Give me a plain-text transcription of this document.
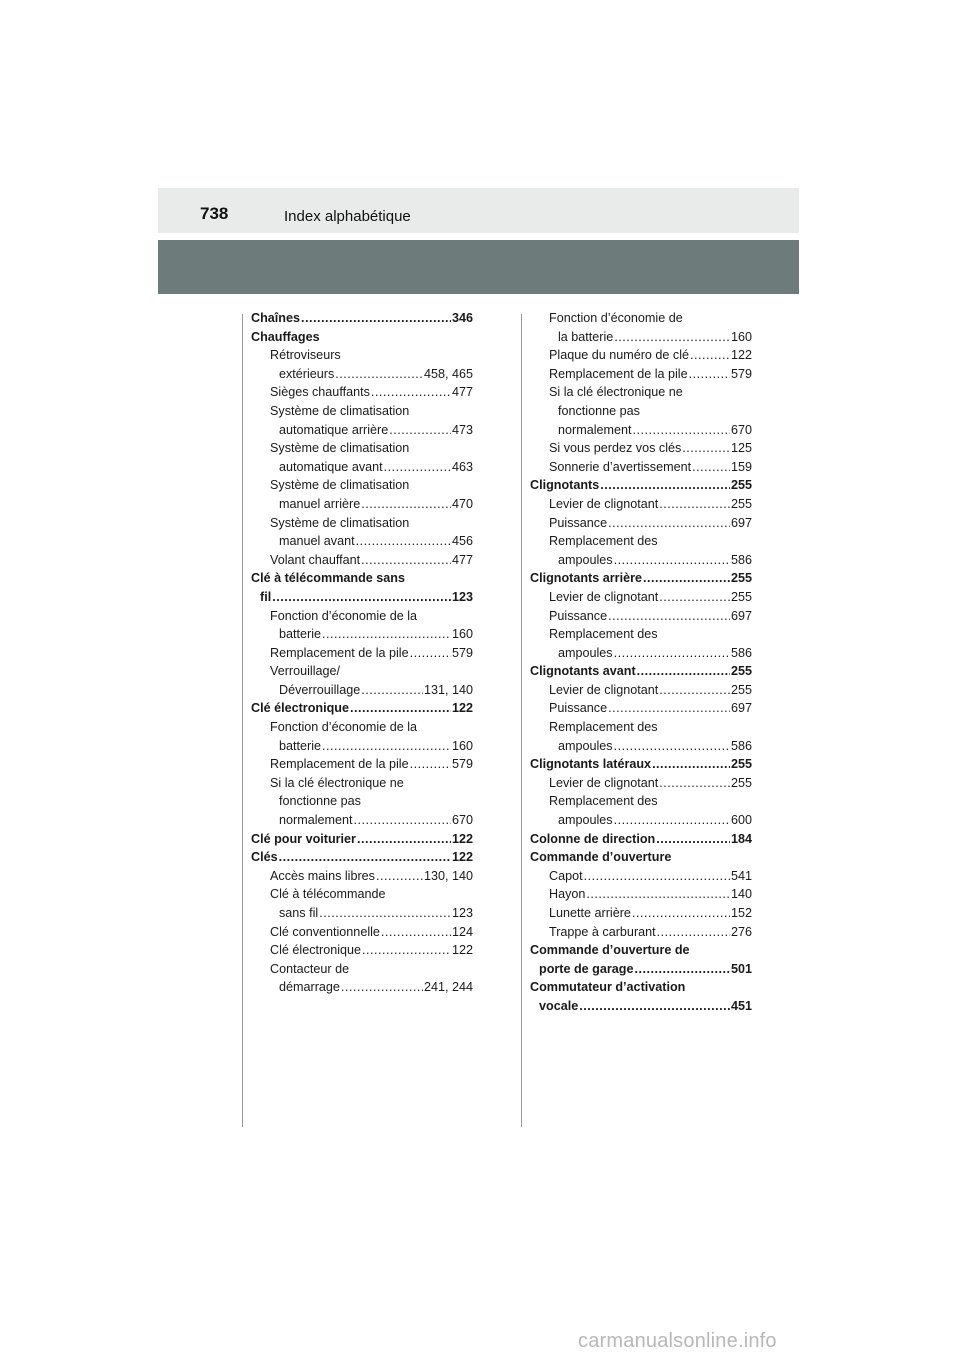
738	Index alphabétique
Chaînes .....	346
Chauffages
Rétroviseurs
extérieurs .....	458, 465
Sièges chauffants .....	477
Système de climatisation
automatique arrière .....	473
Système de climatisation
automatique avant .....	463
Système de climatisation
manuel arrière .....	470
Système de climatisation
manuel avant .....	456
Volant chauffant .....	477
Clé à télécommande sans
fil .....	123
Fonction d’économie de la
batterie .....	160
Remplacement de la pile .....	579
Verrouillage/
Déverrouillage .....	131, 140
Clé électronique .....	122
Fonction d’économie de la
batterie .....	160
Remplacement de la pile .....	579
Si la clé électronique ne
fonctionne pas
normalement .....	670
Clé pour voiturier .....	122
Clés .....	122
Accès mains libres .....	130, 140
Clé à télécommande
sans fil .....	123
Clé conventionnelle .....	124
Clé électronique .....	122
Contacteur de
démarrage .....	241, 244
Fonction d’économie de
la batterie .....	160
Plaque du numéro de clé .....	122
Remplacement de la pile .....	579
Si la clé électronique ne
fonctionne pas
normalement .....	670
Si vous perdez vos clés .....	125
Sonnerie d’avertissement .....	159
Clignotants .....	255
Levier de clignotant .....	255
Puissance .....	697
Remplacement des
ampoules .....	586
Clignotants arrière .....	255
Levier de clignotant .....	255
Puissance .....	697
Remplacement des
ampoules .....	586
Clignotants avant .....	255
Levier de clignotant .....	255
Puissance .....	697
Remplacement des
ampoules .....	586
Clignotants latéraux .....	255
Levier de clignotant .....	255
Remplacement des
ampoules .....	600
Colonne de direction .....	184
Commande d’ouverture
Capot .....	541
Hayon .....	140
Lunette arrière .....	152
Trappe à carburant .....	276
Commande d’ouverture de
porte de garage .....	501
Commutateur d’activation
vocale .....	451
carmanualsonline.info
